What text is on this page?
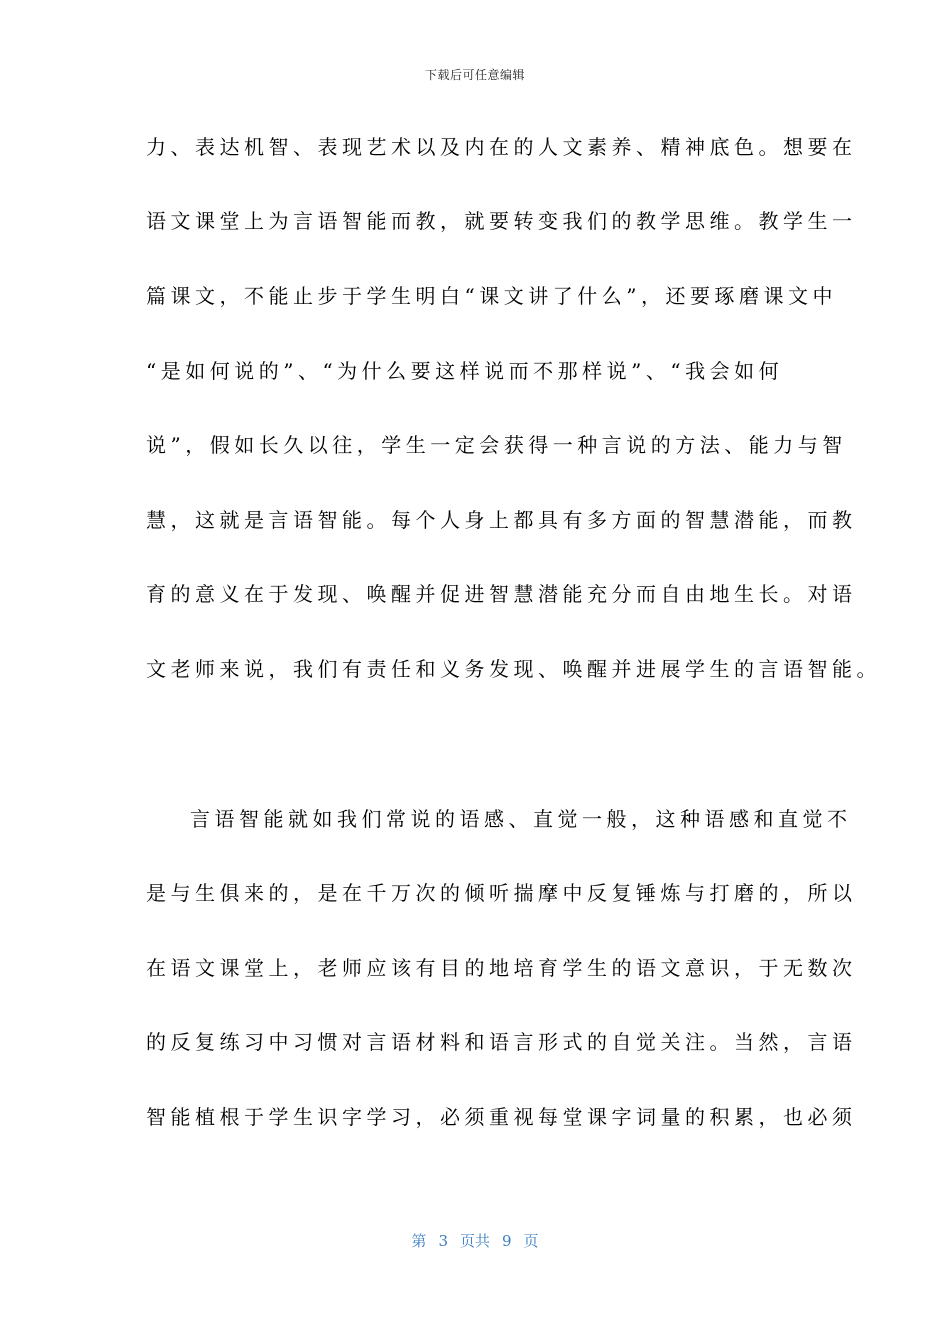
下载后可任意编辑
力、表达机智、表现艺术以及内在的人文素养、精神底色。想要在
语文课堂上为言语智能而教，就要转变我们的教学思维。教学生一
篇课文，不能止步于学生明白“课文讲了什么”，还要琢磨课文中
“是如何说的”、“为什么要这样说而不那样说”、“我会如何
说”，假如长久以往，学生一定会获得一种言说的方法、能力与智
慧，这就是言语智能。每个人身上都具有多方面的智慧潜能，而教
育的意义在于发现、唤醒并促进智慧潜能充分而自由地生长。对语
文老师来说，我们有责任和义务发现、唤醒并进展学生的言语智能。
言语智能就如我们常说的语感、直觉一般，这种语感和直觉不
是与生俱来的，是在千万次的倾听揣摩中反复锤炼与打磨的，所以
在语文课堂上，老师应该有目的地培育学生的语文意识，于无数次
的反复练习中习惯对言语材料和语言形式的自觉关注。当然，言语
智能植根于学生识字学习，必须重视每堂课字词量的积累，也必须
第 3 页共 9 页
